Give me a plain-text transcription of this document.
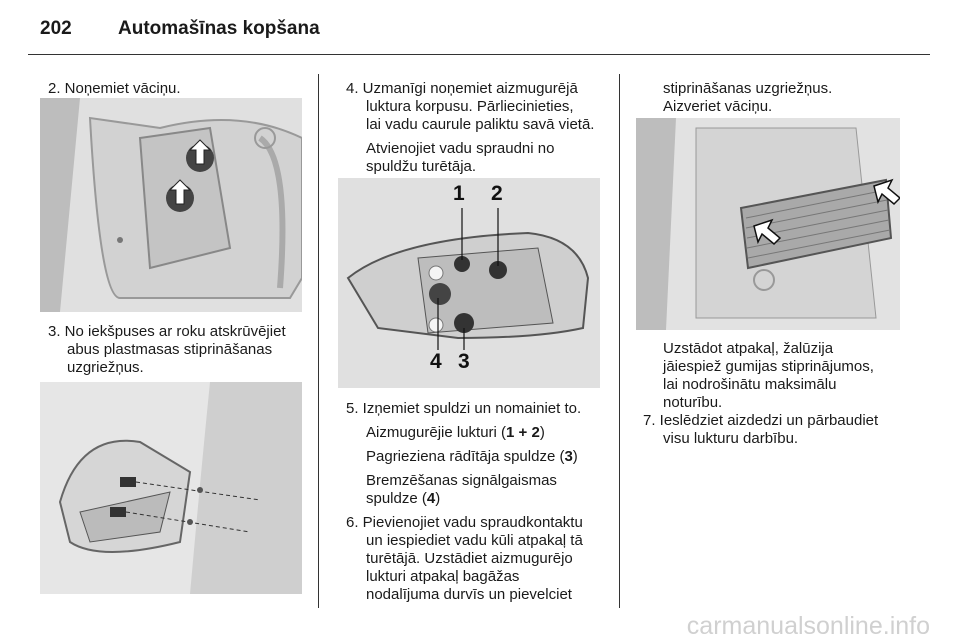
202 Automašīnas kopšana
2. Noņemiet vāciņu.
3. No iekšpuses ar roku atskrūvējiet
abus plastmasas stiprināšanas
uzgriežņus.
4. Uzmanīgi noņemiet aizmugurējā
luktura korpusu. Pārliecinieties,
lai vadu caurule paliktu savā vietā.
Atvienojiet vadu spraudni no
spuldžu turētāja.
1 2
4 3
5. Izņemiet spuldzi un nomainiet to.
Aizmugurējie lukturi (1 + 2)
Pagrieziena rādītāja spuldze (3)
Bremzēšanas signālgaismas
spuldze (4)
6. Pievienojiet vadu spraudkontaktu
un iespiediet vadu kūli atpakaļ tā
turētājā. Uzstādiet aizmugurējo
lukturi atpakaļ bagāžas
nodalījuma durvīs un pievelciet
stiprināšanas uzgriežņus.
Aizveriet vāciņu.
Uzstādot atpakaļ, žalūzija
jāiespiež gumijas stiprinājumos,
lai nodrošinātu maksimālu
noturību.
7. Ieslēdziet aizdedzi un pārbaudiet
visu lukturu darbību.
carmanualsonline.info
